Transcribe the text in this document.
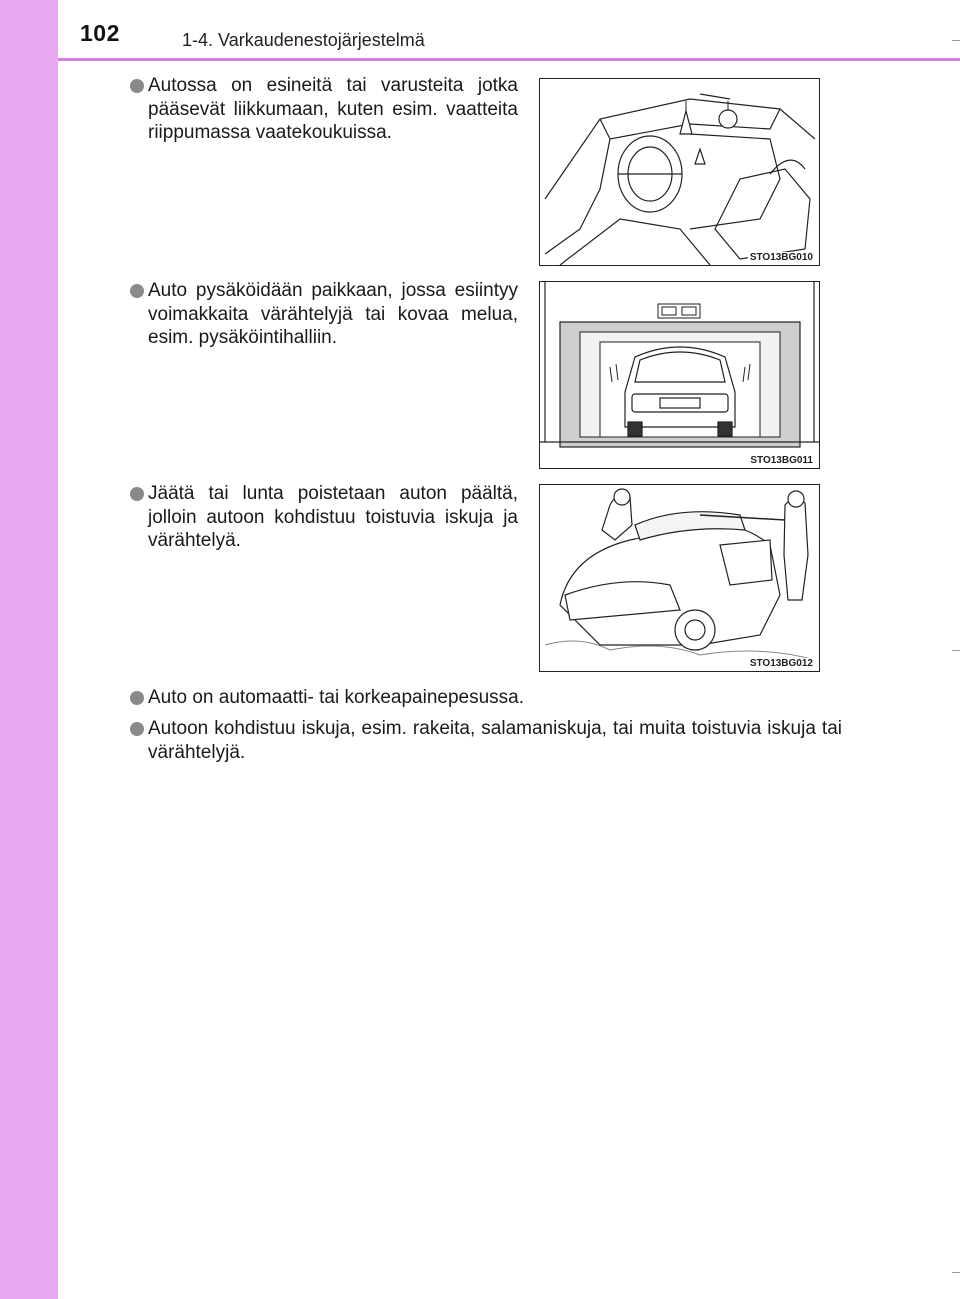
102	1-4. Varkaudenestojärjestelmä
Autossa on esineitä tai varusteita jotka pääsevät liikkumaan, kuten esim. vaatteita riippumassa vaatekoukuissa.
STO13BG010
Auto pysäköidään paikkaan, jossa esiintyy voimakkaita värähtelyjä tai kovaa melua, esim. pysäköintihalliin.
STO13BG011
Jäätä tai lunta poistetaan auton päältä, jolloin autoon kohdistuu toistuvia iskuja ja värähtelyä.
STO13BG012
Auto on automaatti- tai korkeapainepesussa.
Autoon kohdistuu iskuja, esim. rakeita, salamaniskuja, tai muita toistuvia iskuja tai värähtelyjä.
